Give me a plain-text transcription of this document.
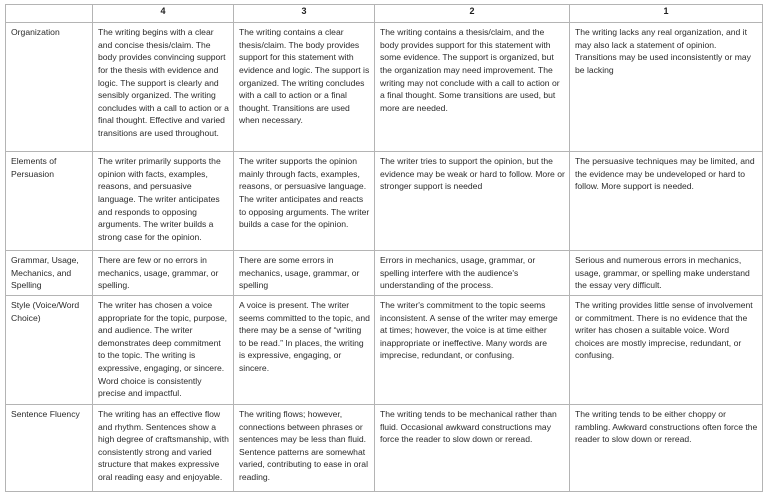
	4	3	2	1
Organization	The writing begins with a clear and concise thesis/claim. The body provides convincing support for the thesis with evidence and logic. The support is clearly and sensibly organized. The writing concludes with a call to action or a final thought. Effective and varied transitions are used throughout.	The writing contains a clear thesis/claim. The body provides support for this statement with evidence and logic. The support is organized. The writing concludes with a call to action or a final thought. Transitions are used when necessary.	The writing contains a thesis/claim, and the body provides support for this statement with some evidence. The support is organized, but the organization may need improvement. The writing may not conclude with a call to action or a final thought. Some transitions are used, but more are needed.	The writing lacks any real organization, and it may also lack a statement of opinion. Transitions may be used inconsistently or may be lacking
Elements of Persuasion	The writer primarily supports the opinion with facts, examples, reasons, and persuasive language. The writer anticipates and responds to opposing arguments. The writer builds a strong case for the opinion.	The writer supports the opinion mainly through facts, examples, reasons, or persuasive language. The writer anticipates and reacts to opposing arguments. The writer builds a case for the opinion.	The writer tries to support the opinion, but the evidence may be weak or hard to follow. More or stronger support is needed	The persuasive techniques may be limited, and the evidence may be undeveloped or hard to follow. More support is needed.
Grammar, Usage, Mechanics, and Spelling	There are few or no errors in mechanics, usage, grammar, or spelling.	There are some errors in mechanics, usage, grammar, or spelling	Errors in mechanics, usage, grammar, or spelling interfere with the audience's understanding of the process.	Serious and numerous errors in mechanics, usage, grammar, or spelling make understand the essay very difficult.
Style (Voice/Word Choice)	The writer has chosen a voice appropriate for the topic, purpose, and audience. The writer demonstrates deep commitment to the topic. The writing is expressive, engaging, or sincere. Word choice is consistently precise and impactful.	A voice is present. The writer seems committed to the topic, and there may be a sense of “writing to be read.” In places, the writing is expressive, engaging, or sincere.	The writer's commitment to the topic seems inconsistent. A sense of the writer may emerge at times; however, the voice is at time either inappropriate or ineffective. Many words are imprecise, redundant, or confusing.	The writing provides little sense of involvement or commitment. There is no evidence that the writer has chosen a suitable voice. Word choices are mostly imprecise, redundant, or confusing.
Sentence Fluency	The writing has an effective flow and rhythm. Sentences show a high degree of craftsmanship, with consistently strong and varied structure that makes expressive oral reading easy and enjoyable.	The writing flows; however, connections between phrases or sentences may be less than fluid. Sentence patterns are somewhat varied, contributing to ease in oral reading.	The writing tends to be mechanical rather than fluid. Occasional awkward constructions may force the reader to slow down or reread.	The writing tends to be either choppy or rambling. Awkward constructions often force the reader to slow down or reread.
